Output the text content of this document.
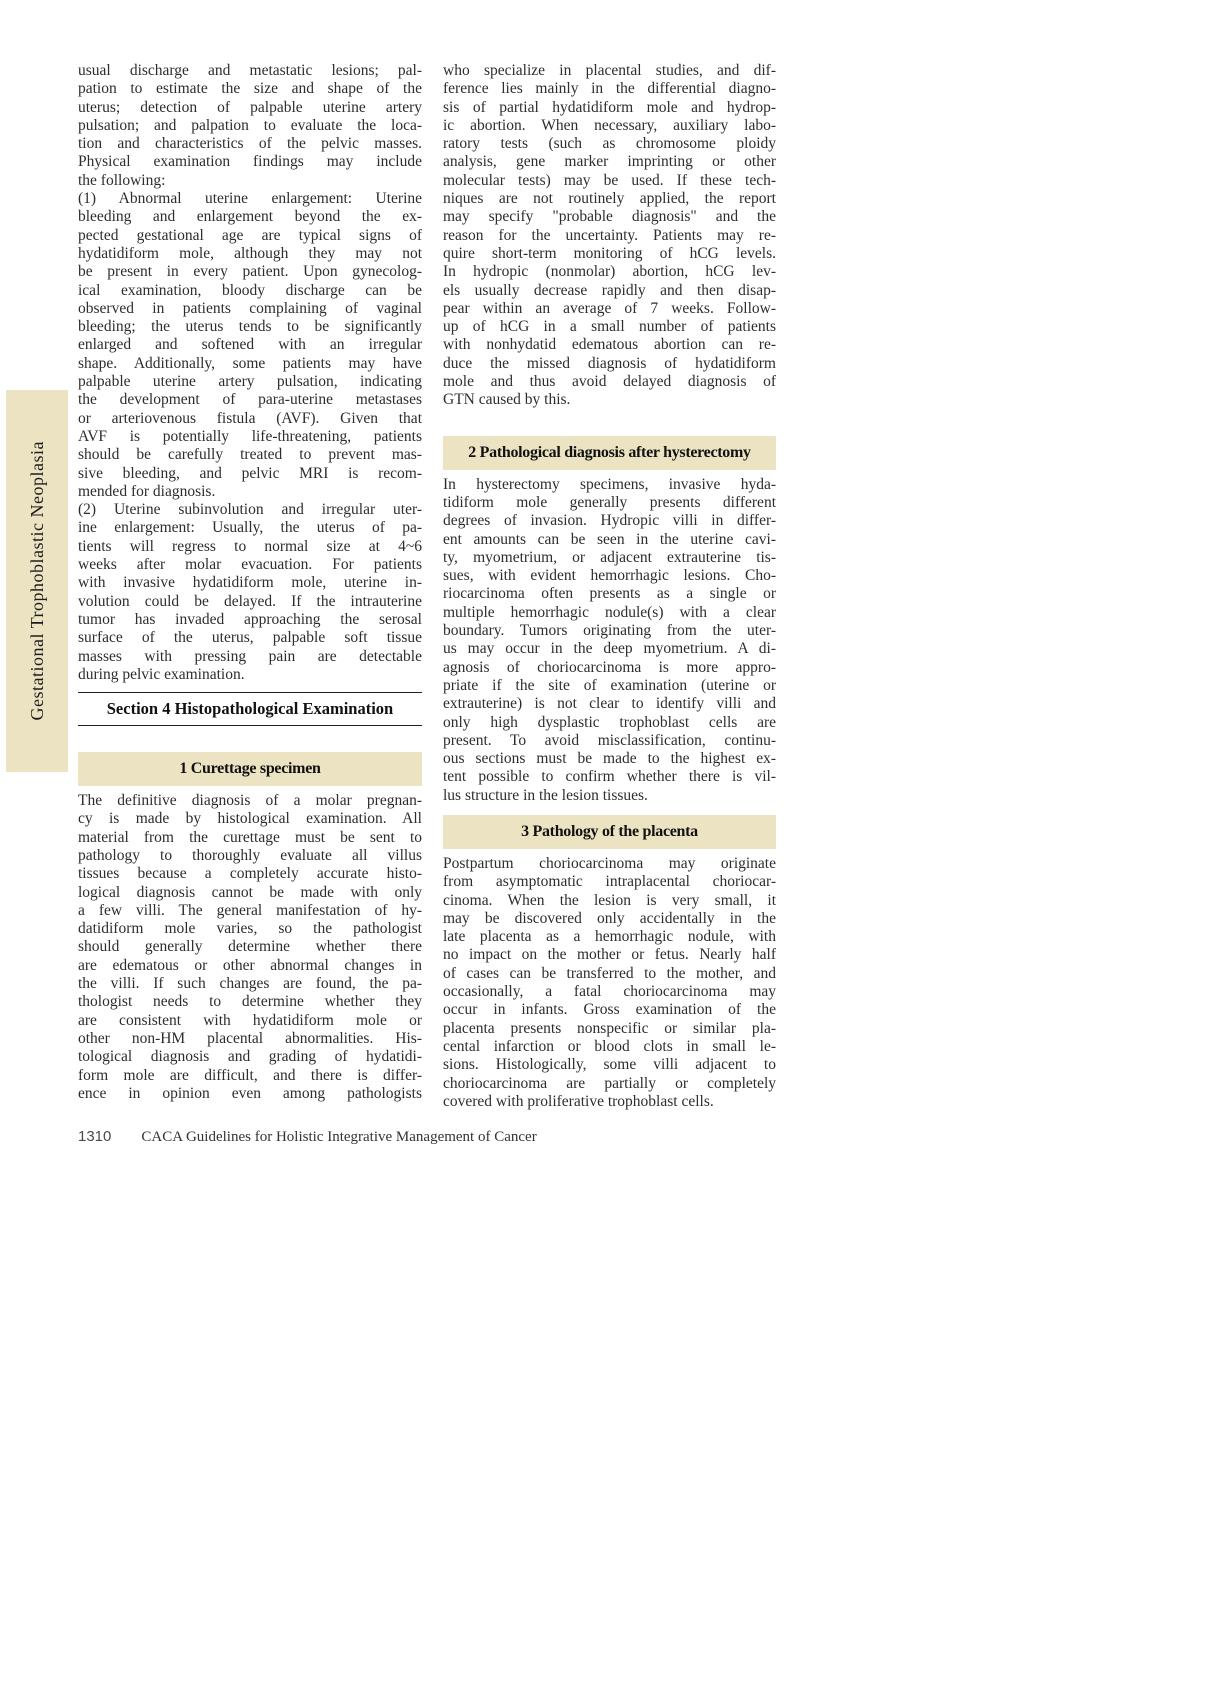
Gestational Trophoblastic Neoplasia
usual discharge and metastatic lesions; pal-
pation to estimate the size and shape of the
uterus; detection of palpable uterine artery
pulsation; and palpation to evaluate the loca-
tion and characteristics of the pelvic masses.
Physical examination findings may include
the following:
(1) Abnormal uterine enlargement: Uterine
bleeding and enlargement beyond the ex-
pected gestational age are typical signs of
hydatidiform mole, although they may not
be present in every patient. Upon gynecolog-
ical examination, bloody discharge can be
observed in patients complaining of vaginal
bleeding; the uterus tends to be significantly
enlarged and softened with an irregular
shape. Additionally, some patients may have
palpable uterine artery pulsation, indicating
the development of para-uterine metastases
or arteriovenous fistula (AVF). Given that
AVF is potentially life-threatening, patients
should be carefully treated to prevent mas-
sive bleeding, and pelvic MRI is recom-
mended for diagnosis.
(2) Uterine subinvolution and irregular uter-
ine enlargement: Usually, the uterus of pa-
tients will regress to normal size at 4~6
weeks after molar evacuation. For patients
with invasive hydatidiform mole, uterine in-
volution could be delayed. If the intrauterine
tumor has invaded approaching the serosal
surface of the uterus, palpable soft tissue
masses with pressing pain are detectable
during pelvic examination.
Section 4 Histopathological Examination
1 Curettage specimen
The definitive diagnosis of a molar pregnan-
cy is made by histological examination. All
material from the curettage must be sent to
pathology to thoroughly evaluate all villus
tissues because a completely accurate histo-
logical diagnosis cannot be made with only
a few villi. The general manifestation of hy-
datidiform mole varies, so the pathologist
should generally determine whether there
are edematous or other abnormal changes in
the villi. If such changes are found, the pa-
thologist needs to determine whether they
are consistent with hydatidiform mole or
other non-HM placental abnormalities. His-
tological diagnosis and grading of hydatidi-
form mole are difficult, and there is differ-
ence in opinion even among pathologists
who specialize in placental studies, and dif-
ference lies mainly in the differential diagno-
sis of partial hydatidiform mole and hydrop-
ic abortion. When necessary, auxiliary labo-
ratory tests (such as chromosome ploidy
analysis, gene marker imprinting or other
molecular tests) may be used. If these tech-
niques are not routinely applied, the report
may specify "probable diagnosis" and the
reason for the uncertainty. Patients may re-
quire short-term monitoring of hCG levels.
In hydropic (nonmolar) abortion, hCG lev-
els usually decrease rapidly and then disap-
pear within an average of 7 weeks. Follow-
up of hCG in a small number of patients
with nonhydatid edematous abortion can re-
duce the missed diagnosis of hydatidiform
mole and thus avoid delayed diagnosis of
GTN caused by this.
2 Pathological diagnosis after hysterectomy
In hysterectomy specimens, invasive hyda-
tidiform mole generally presents different
degrees of invasion. Hydropic villi in differ-
ent amounts can be seen in the uterine cavi-
ty, myometrium, or adjacent extrauterine tis-
sues, with evident hemorrhagic lesions. Cho-
riocarcinoma often presents as a single or
multiple hemorrhagic nodule(s) with a clear
boundary. Tumors originating from the uter-
us may occur in the deep myometrium. A di-
agnosis of choriocarcinoma is more appro-
priate if the site of examination (uterine or
extrauterine) is not clear to identify villi and
only high dysplastic trophoblast cells are
present. To avoid misclassification, continu-
ous sections must be made to the highest ex-
tent possible to confirm whether there is vil-
lus structure in the lesion tissues.
3 Pathology of the placenta
Postpartum choriocarcinoma may originate
from asymptomatic intraplacental choriocar-
cinoma. When the lesion is very small, it
may be discovered only accidentally in the
late placenta as a hemorrhagic nodule, with
no impact on the mother or fetus. Nearly half
of cases can be transferred to the mother, and
occasionally, a fatal choriocarcinoma may
occur in infants. Gross examination of the
placenta presents nonspecific or similar pla-
cental infarction or blood clots in small le-
sions. Histologically, some villi adjacent to
choriocarcinoma are partially or completely
covered with proliferative trophoblast cells.
1310 CACA Guidelines for Holistic Integrative Management of Cancer
